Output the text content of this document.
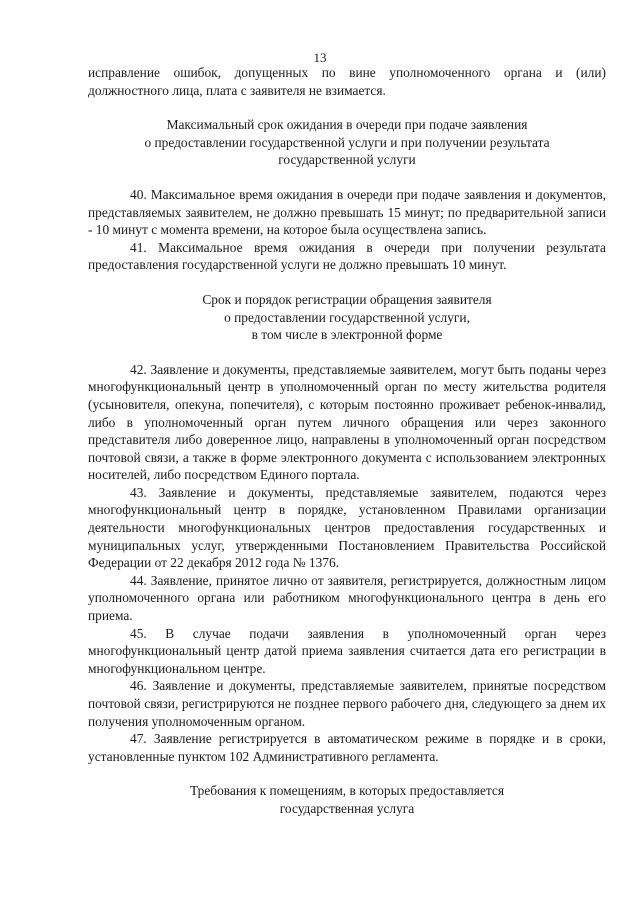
13

исправление ошибок, допущенных по вине уполномоченного органа и (или) должностного лица, плата с заявителя не взимается.

Максимальный срок ожидания в очереди при подаче заявления

о предоставлении государственной услуги и при получении результата

государственной услуги

40. Максимальное время ожидания в очереди при подаче заявления и документов, представляемых заявителем, не должно превышать 15 минут; по предварительной записи - 10 минут с момента времени, на которое была осуществлена запись.

41. Максимальное время ожидания в очереди при получении результата предоставления государственной услуги не должно превышать 10 минут.

Срок и порядок регистрации обращения заявителя

о предоставлении государственной услуги,

в том числе в электронной форме

42. Заявление и документы, представляемые заявителем, могут быть поданы через многофункциональный центр в уполномоченный орган по месту жительства родителя (усыновителя, опекуна, попечителя), с которым постоянно проживает ребенок-инвалид, либо в уполномоченный орган путем личного обращения или через законного представителя либо доверенное лицо, направлены в уполномоченный орган посредством почтовой связи, а также в форме электронного документа с использованием электронных носителей, либо посредством Единого портала.

43. Заявление и документы, представляемые заявителем, подаются через многофункциональный центр в порядке, установленном Правилами организации деятельности многофункциональных центров предоставления государственных и муниципальных услуг, утвержденными Постановлением Правительства Российской Федерации от 22 декабря 2012 года № 1376.

44. Заявление, принятое лично от заявителя, регистрируется, должностным лицом уполномоченного органа или работником многофункционального центра в день его приема.

45. В случае подачи заявления в уполномоченный орган через многофункциональный центр датой приема заявления считается дата его регистрации в многофункциональном центре.

46. Заявление и документы, представляемые заявителем, принятые посредством почтовой связи, регистрируются не позднее первого рабочего дня, следующего за днем их получения уполномоченным органом.

47. Заявление регистрируется в автоматическом режиме в порядке и в сроки, установленные пунктом 102 Административного регламента.

Требования к помещениям, в которых предоставляется

государственная услуга
